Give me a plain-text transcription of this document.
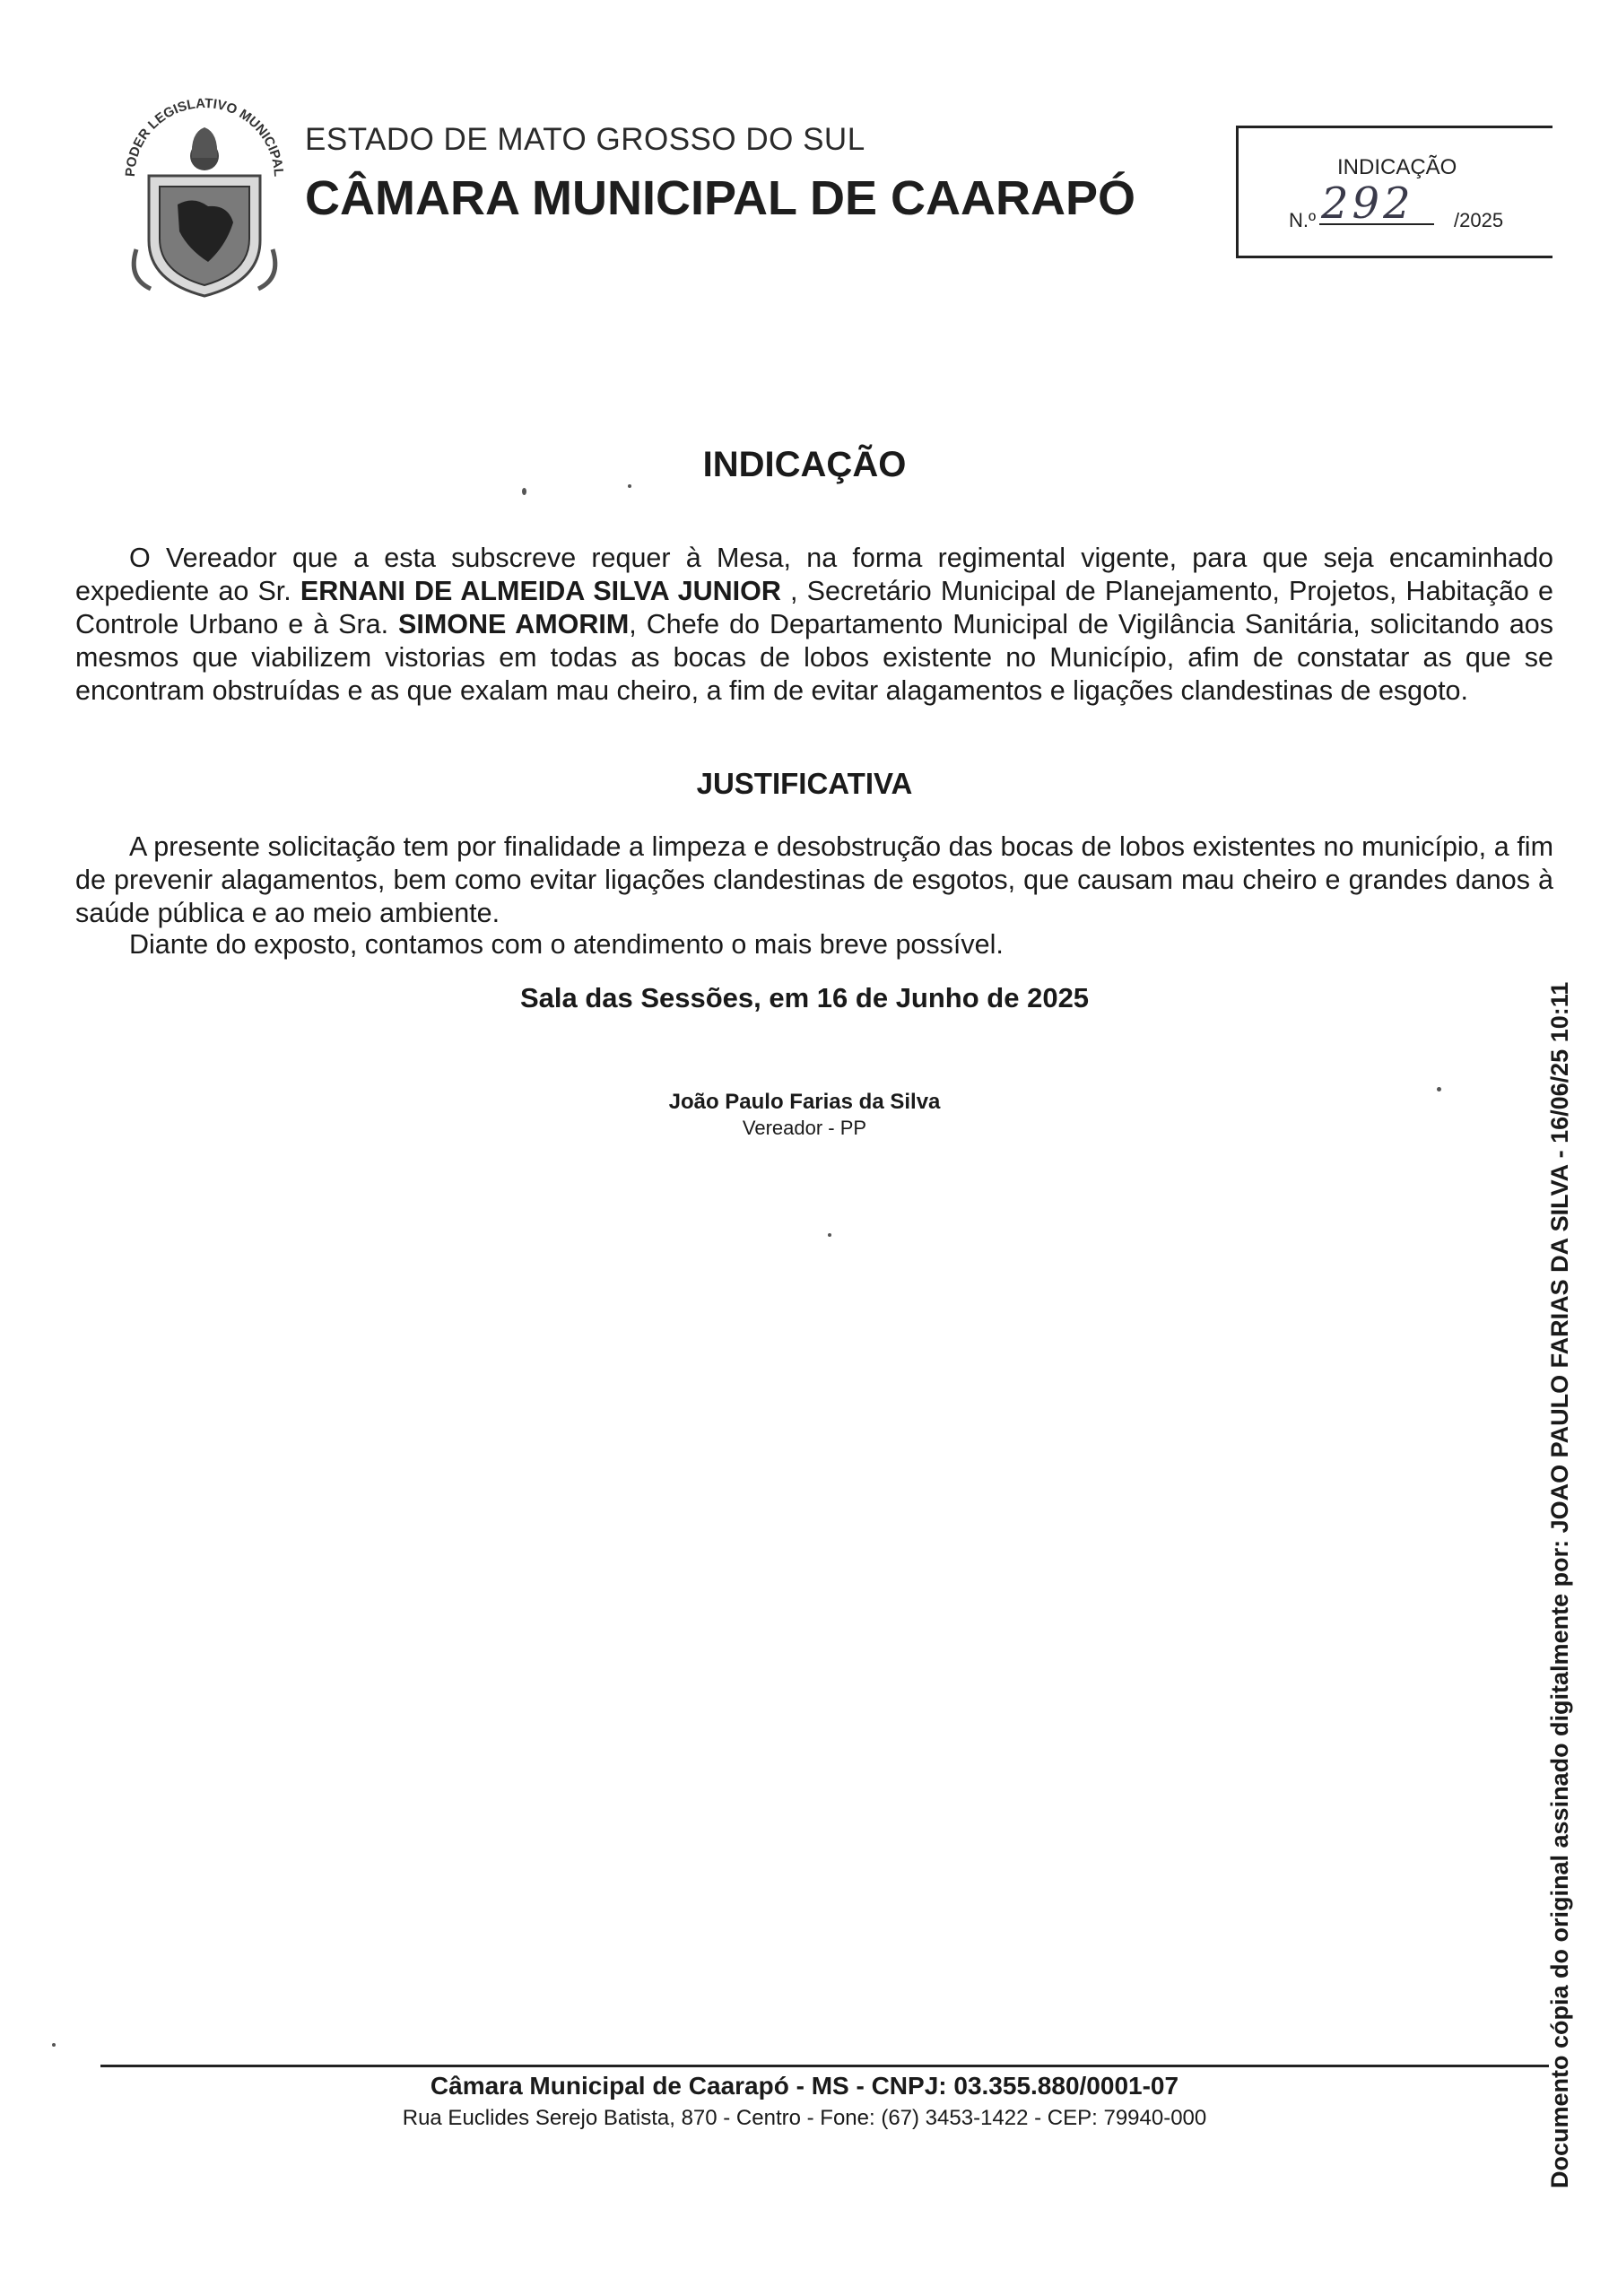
PODER LEGISLATIVO MUNICIPAL
ESTADO DE MATO GROSSO DO SUL
CÂMARA MUNICIPAL DE CAARAPÓ
INDICAÇÃO
N.º 292 /2025
INDICAÇÃO

O Vereador que a esta subscreve requer à Mesa, na forma regimental vigente, para que seja encaminhado expediente ao Sr. ERNANI DE ALMEIDA SILVA JUNIOR , Secretário Municipal de Planejamento, Projetos, Habitação e Controle Urbano e à Sra. SIMONE AMORIM, Chefe do Departamento Municipal de Vigilância Sanitária, solicitando aos mesmos que viabilizem vistorias em todas as bocas de lobos existente no Município, afim de constatar as que se encontram obstruídas e as que exalam mau cheiro, a fim de evitar alagamentos e ligações clandestinas de esgoto.

JUSTIFICATIVA

A presente solicitação tem por finalidade a limpeza e desobstrução das bocas de lobos existentes no município, a fim de prevenir alagamentos, bem como evitar ligações clandestinas de esgotos, que causam mau cheiro e grandes danos à saúde pública e ao meio ambiente.

Diante do exposto, contamos com o atendimento o mais breve possível.

Sala das Sessões, em 16 de Junho de 2025
João Paulo Farias da Silva
Vereador - PP
Câmara Municipal de Caarapó - MS - CNPJ: 03.355.880/0001-07
Rua Euclides Serejo Batista, 870 - Centro - Fone: (67) 3453-1422 - CEP: 79940-000	Documento cópia do original assinado digitalmente por: JOAO PAULO FARIAS DA SILVA - 16/06/25 10:11
